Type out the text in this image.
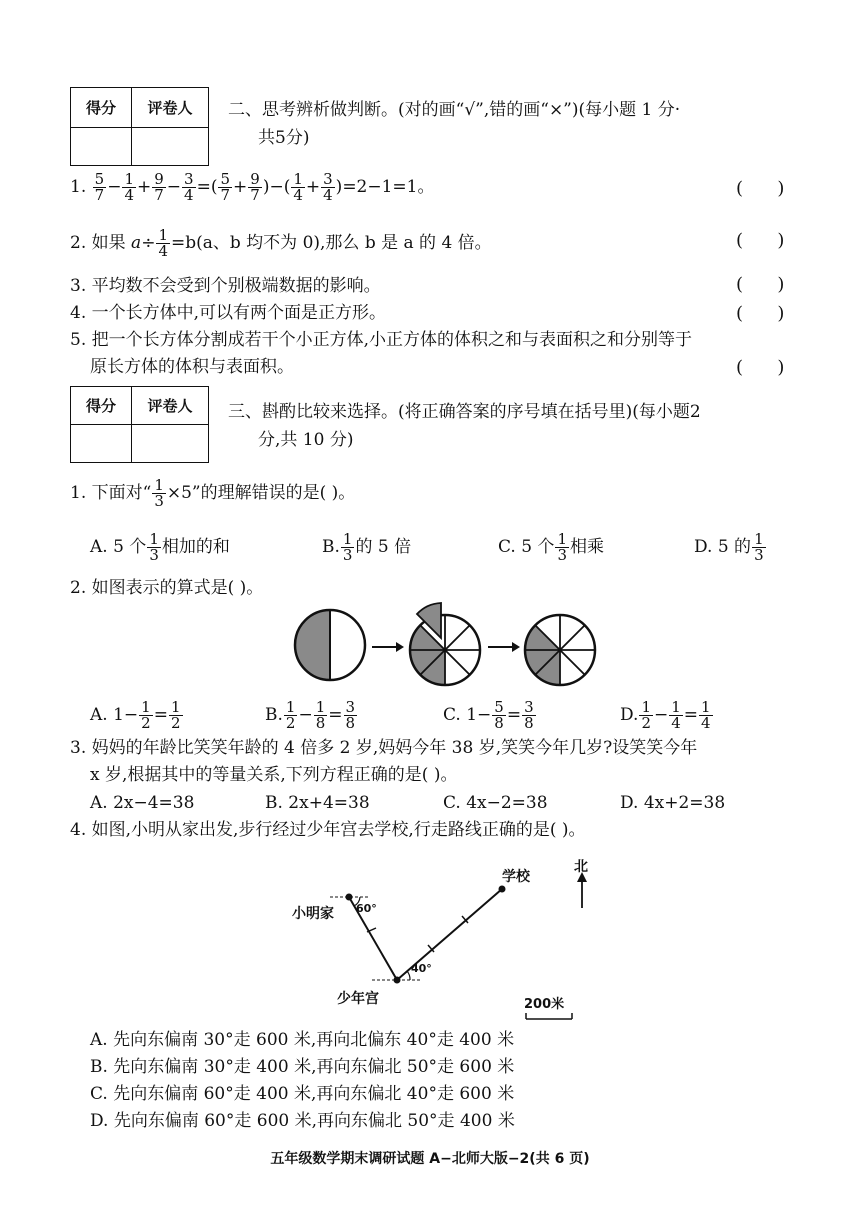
得分	评卷人
	二、思考辨析做判断。(对的画“√”,错的画“×”)(每小题 1 分·
共5分)
1. $\frac{5}{7} - \frac{1}{4} + \frac{9}{7} - \frac{3}{4}$ =( $\frac{5}{7} + \frac{9}{7}$ )−( $\frac{1}{4} + \frac{3}{4} )=2-1=1$。	(      )
2. 如果 $a\div \frac{1}{4} =b(a$、b 均不为 0),那么 b 是 a 的 4 倍。	(      )
3. 平均数不会受到个别极端数据的影响。	(      )
4. 一个长方体中,可以有两个面是正方形。	(      )
5. 把一个长方体分割成若干个小正方体,小正方体的体积之和与表面积之和分别等于
原长方体的体积与表面积。	(      )
得分	评卷人
	三、斟酌比较来选择。(将正确答案的序号填在括号里)(每小题2
分,共 10 分)
1. 下面对“ $\frac{1}{3} \times 5$”的理解错误的是( )。
A. 5 个 $\frac{1}{3}$ 相加的和	B. $\frac{1}{3}$ 的 5 倍	C. 5 个 $\frac{1}{3}$ 相乘	D. 5 的 $\frac{1}{3}$
2. 如图表示的算式是( )。
A. $1- \frac{1}{2} = \frac{1}{2}$	B. $\frac{1}{2} - \frac{1}{8} = \frac{3}{8}$	C. $1- \frac{5}{8} = \frac{3}{8}$	D. $\frac{1}{2} - \frac{1}{4} = \frac{1}{4}$
3. 妈妈的年龄比笑笑年龄的 4 倍多 2 岁,妈妈今年 38 岁,笑笑今年几岁?设笑笑今年
x 岁,根据其中的等量关系,下列方程正确的是( )。
A. 2x−4=38	B. 2x+4=38	C. 4x−2=38	D. 4x+2=38
4. 如图,小明从家出发,步行经过少年宫去学校,行走路线正确的是( )。
学校
北
小明家 60°
40°
少年宫	200米
A. 先向东偏南 30°走 600 米,再向北偏东 40°走 400 米
B. 先向东偏南 30°走 400 米,再向东偏北 50°走 600 米
C. 先向东偏南 60°走 400 米,再向东偏北 40°走 600 米
D. 先向东偏南 60°走 600 米,再向东偏北 50°走 400 米
五年级数学期末调研试题 A−北师大版−2(共 6 页)
